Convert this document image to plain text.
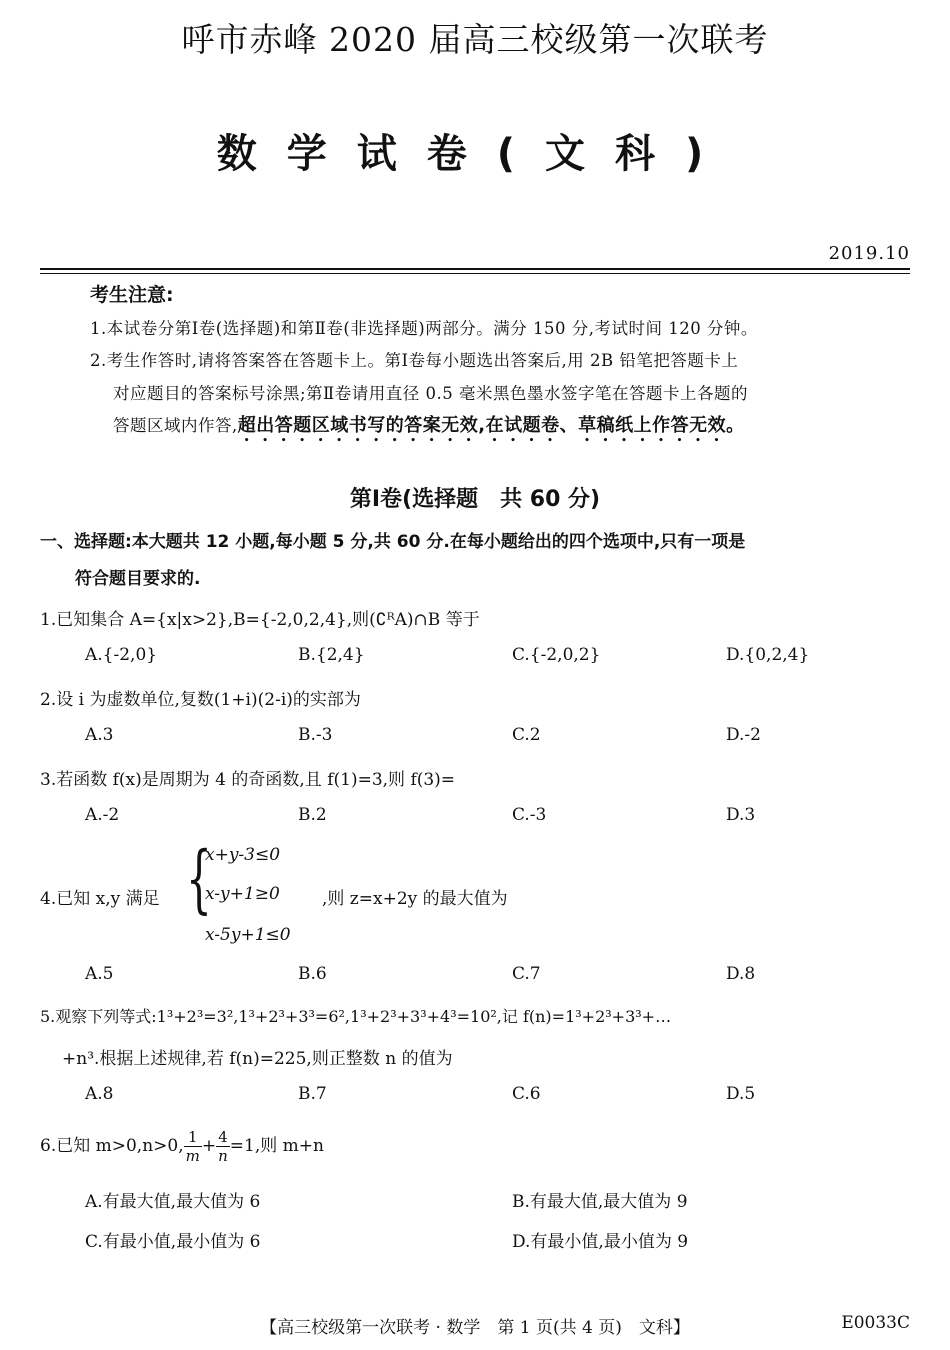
呼市赤峰 2020 届高三校级第一次联考
数学试卷(文科)
2019.10
考生注意:
1.本试卷分第Ⅰ卷(选择题)和第Ⅱ卷(非选择题)两部分。满分 150 分,考试时间 120 分钟。
2.考生作答时,请将答案答在答题卡上。第Ⅰ卷每小题选出答案后,用 2B 铅笔把答题卡上
对应题目的答案标号涂黑;第Ⅱ卷请用直径 0.5 毫米黑色墨水签字笔在答题卡上各题的
答题区域内作答,超出答题区域书写的答案无效,在试题卷、草稿纸上作答无效。
第Ⅰ卷(选择题　共 60 分)
一、选择题:本大题共 12 小题,每小题 5 分,共 60 分.在每小题给出的四个选项中,只有一项是
符合题目要求的.
1.已知集合 A={x|x>2},B={-2,0,2,4},则(∁ᴿA)∩B 等于
A.{-2,0}	B.{2,4}	C.{-2,0,2}	D.{0,2,4}
2.设 i 为虚数单位,复数(1+i)(2-i)的实部为
A.3	B.-3	C.2	D.-2
3.若函数 f(x)是周期为 4 的奇函数,且 f(1)=3,则 f(3)=
A.-2	B.2	C.-3	D.3
4.已知 x,y 满足 {
x+y-3≤0
x-y+1≥0
x-5y+1≤0
,则 z=x+2y 的最大值为
A.5	B.6	C.7	D.8
5.观察下列等式:1³+2³=3²,1³+2³+3³=6²,1³+2³+3³+4³=10²,记 f(n)=1³+2³+3³+…
+n³.根据上述规律,若 f(n)=225,则正整数 n 的值为
A.8	B.7	C.6	D.5
6.已知 m>0,n>0, $\frac{1}{m} + \frac{4}{n} =1$,则 m+n
A.有最大值,最大值为 6	B.有最大值,最大值为 9
C.有最小值,最小值为 6	D.有最小值,最小值为 9
【高三校级第一次联考 · 数学　第 1 页(共 4 页)　文科】	E0033C
